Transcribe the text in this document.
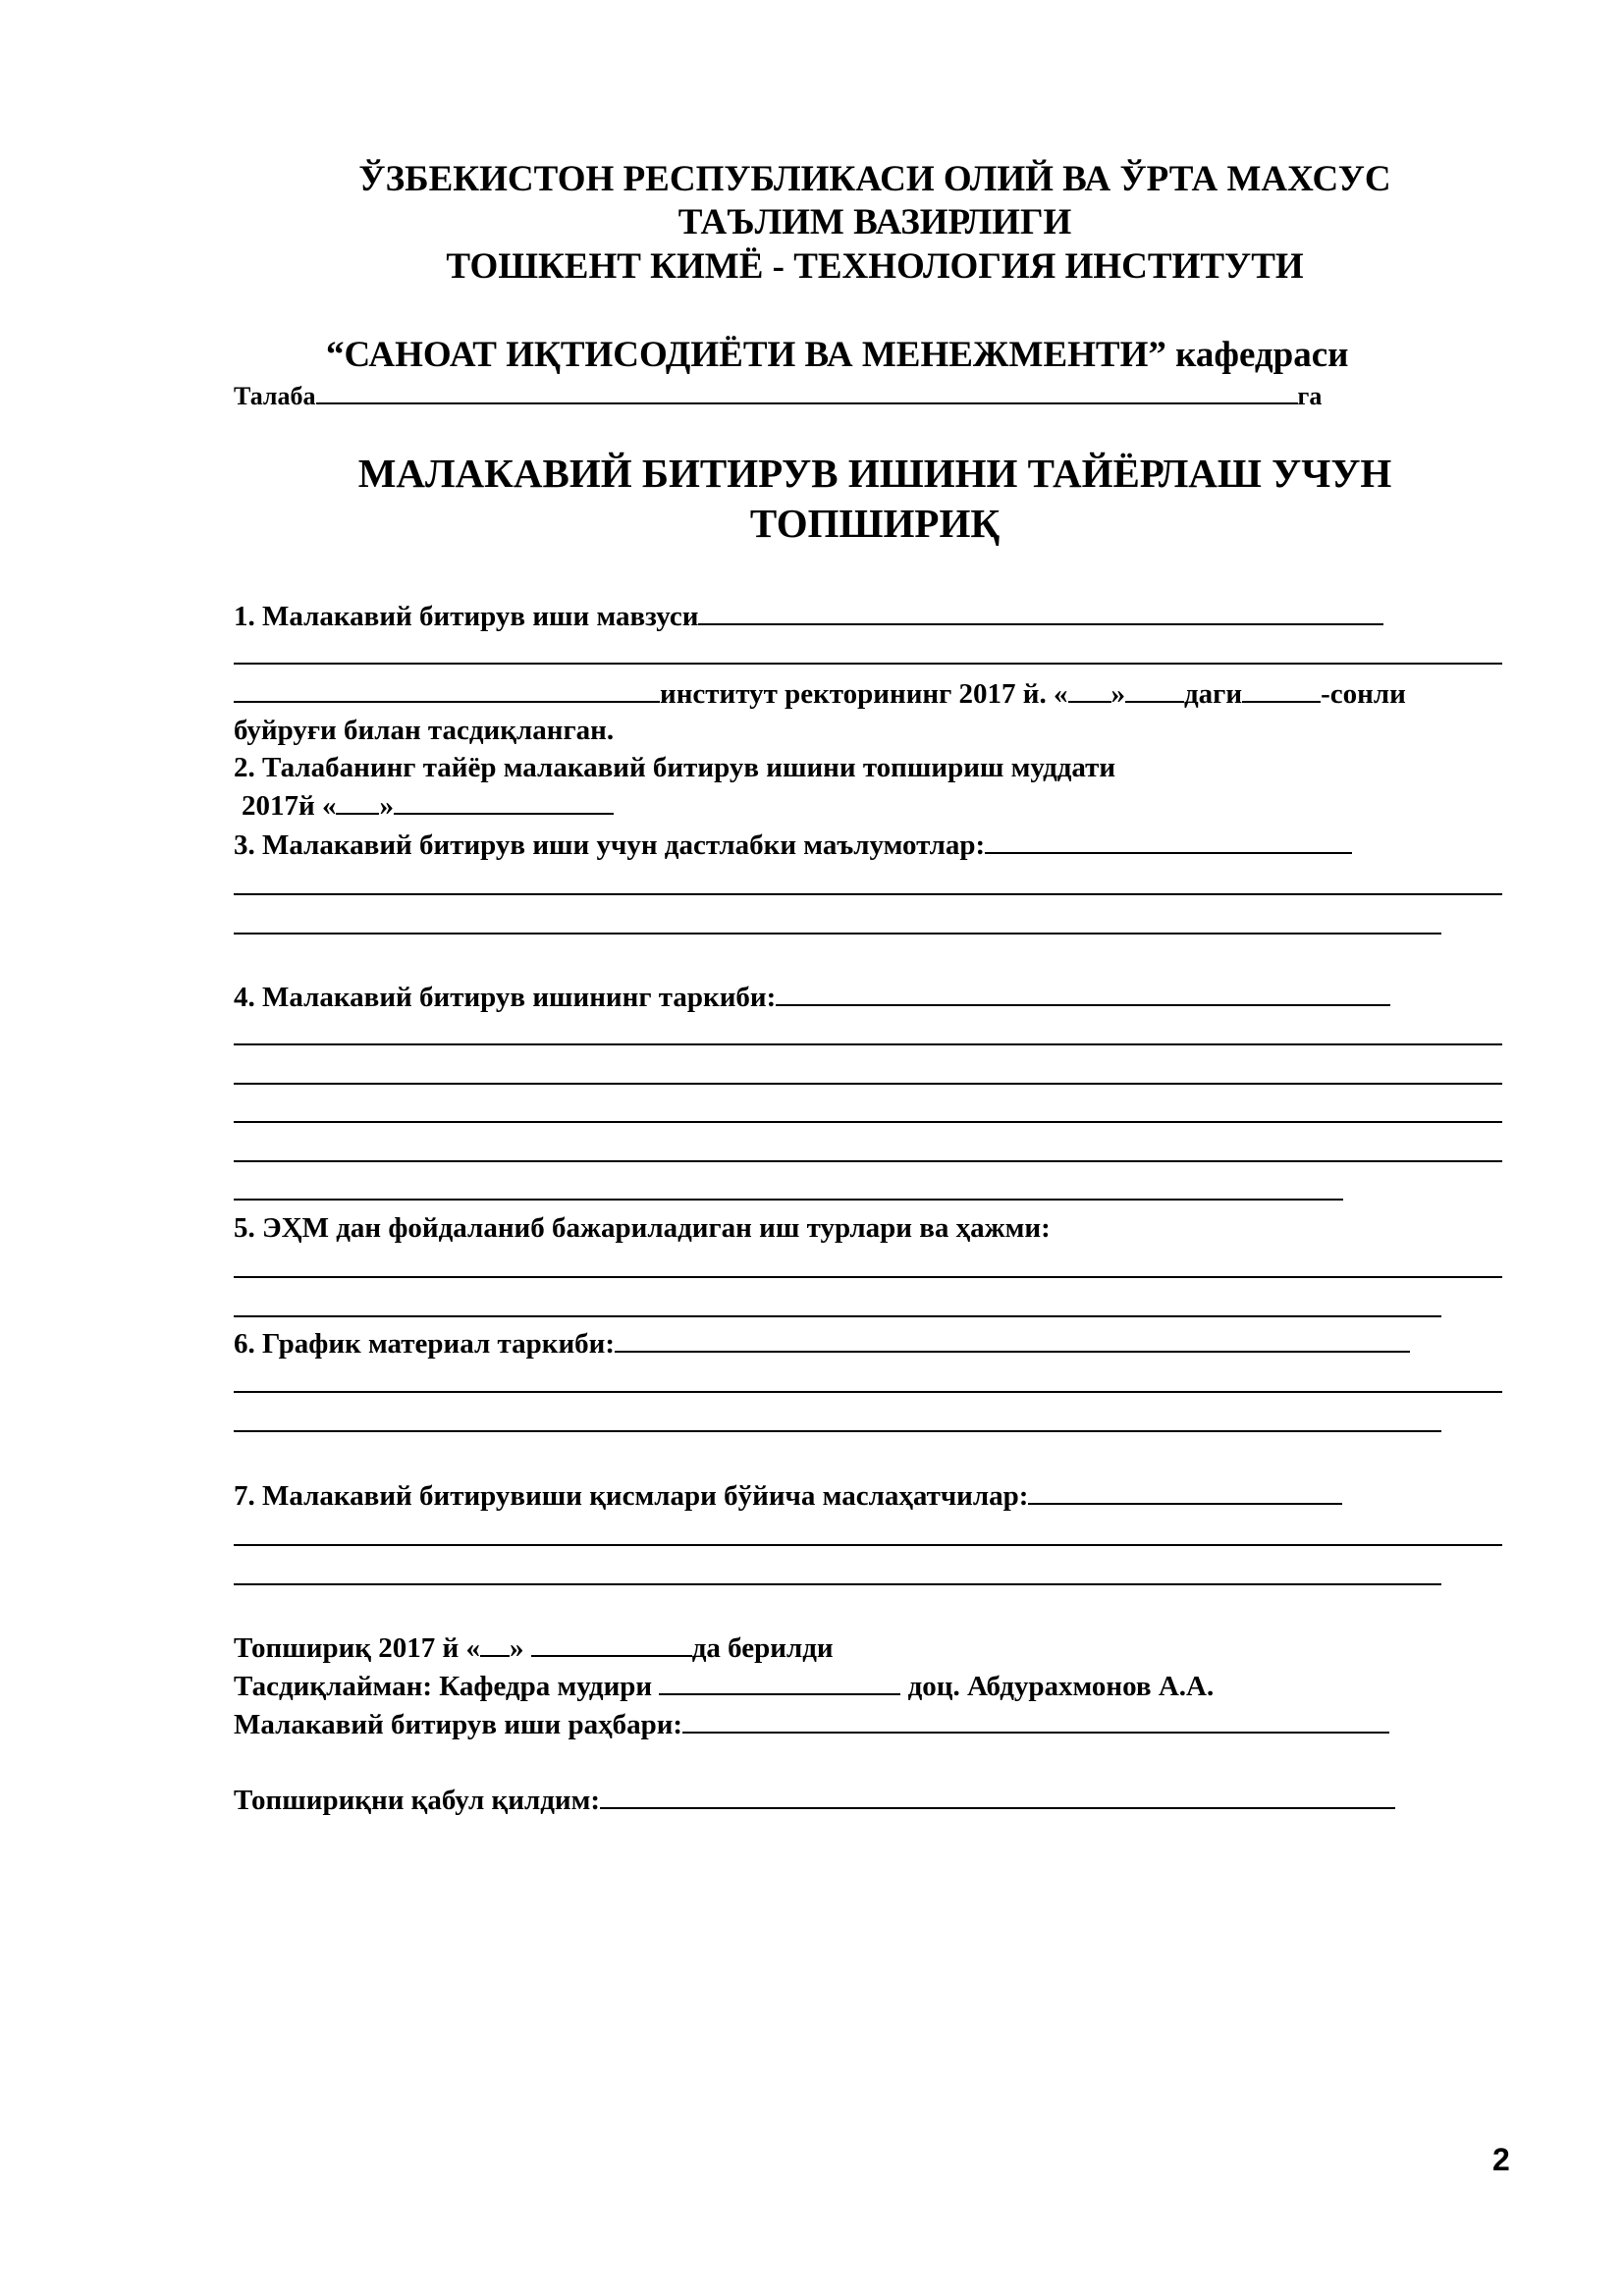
ЎЗБЕКИСТОН РЕСПУБЛИКАСИ ОЛИЙ ВА ЎРТА МАХСУС
ТАЪЛИМ ВАЗИРЛИГИ
ТОШКЕНТ КИМЁ - ТЕХНОЛОГИЯ ИНСТИТУТИ
“САНОАТ ИҚТИСОДИЁТИ ВА МЕНЕЖМЕНТИ” кафедраси
Талаба	га
МАЛАКАВИЙ БИТИРУВ ИШИНИ ТАЙЁРЛАШ УЧУН
ТОПШИРИҚ
1. Малакавий битирув иши мавзуси
институт ректорининг 2017 й. « » даги	-сонли
буйруғи билан тасдиқланган.
2. Талабанинг тайёр малакавий битирув ишини топшириш муддати
2017й « »
3. Малакавий битирув иши учун дастлабки маълумотлар:
4. Малакавий битирув ишининг таркиби:
5. ЭҲМ дан фойдаланиб бажариладиган иш турлари ва ҳажми:
6. График материал таркиби:
7. Малакавий битирувиши қисмлари бўйича маслаҳатчилар:
Топшириқ 2017 й « »	да берилди
Тасдиқлайман: Кафедра мудири	доц. Абдурахмонов А.А.
Малакавий битирув иши раҳбари:
Топшириқни қабул қилдим:
2
